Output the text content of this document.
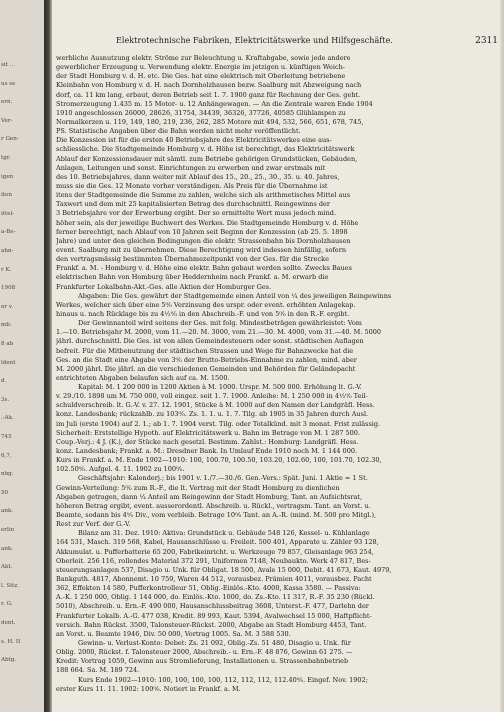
sit ...
us se
ern.
Ver-
r Gen-
tgr.
igen
iten
ittel-
a-Be-
ahn-
r K.
1908
er v.
mb.
8 ab
ldent
d.
3s.
.-Ak.
745
6,7,
nbg.
50
ank.
erlin
ank.
Akt.
l. Sitz.
r. G.
dent.
s. H. II
Abtg.
Elektrotechnische Fabriken, Elektricitätswerke und Hilfsgeschäfte.	2311
werbliche Ausnutzung elektr. Ströme zur Beleuchtung u. Kraftabgabe, sowie jede andere
gewerblicher Erzeugung u. Verwendung elektr. Energie im jetzigen u. künftigen Weich-
der Stadt Homburg v. d. H. etc. Die Ges. hat eine elektrisch mit Oberleitung betriebene
Kleinbahn von Homburg v. d. H. nach Dornholzhausen bezw. Saalburg mit Abzweigung nach
dorf, ca. 11 km lang, erbaut, deren Betrieb seit 1. 7. 1900 ganz für Rechnung der Ges. geht.
Stromerzeugung 1.435 m. 15 Motor- u. 12 Anhängewagen. — An die Zentrale waren Ende 1904
1910 angeschlossen 26000, 28626, 31754, 34439, 36326, 37726, 40585 Glühlampen zu
Normalkerzen u. 119, 149, 180, 219, 236, 262, 285 Motore mit 494, 532, 566, 651, 678, 745,
PS. Statistische Angaben über die Bahn werden nicht mehr veröffentlicht.
Die Konzession ist für die ersten 40 Betriebsjahre des Elektricitätswerkes eine aus-
schliessliche. Die Stadtgemeinde Homburg v. d. Höhe ist berechtigt, das Elektricitätswerk
Ablauf der Konzessionsdauer mit sämtl. zum Betriebe gehörigen Grundstücken, Gebäuden,
Anlagen, Leitungen und sonst. Einrichtungen zu erwerben und zwar erstmals mit
des 10. Betriebsjahres, dann weiter mit Ablauf des 15., 20., 25., 30., 35. u. 40. Jahres,
muss sie die Ges. 12 Monate vorher verständigen. Als Preis für die Übernahme ist
itens der Stadtgemeinde die Summe zu zahlen, welche sich als arithmetisches Mittel aus
Taxwert und dem mit 25 kapitalisierten Betrag des durchschnittl. Reingewinns der
3 Betriebsjahre vor der Erwerbung ergibt. Der so ermittelte Wert muss jedoch mind.
höher sein, als der jeweilige Buchwert des Werkes. Die Stadtgemeinde Homburg v. d. Höhe
ferner berechtigt, nach Ablauf von 10 Jahren seit Beginn der Konzession (ab 25. 5. 1898
Jahre) und unter den gleichen Bedingungen die elektr. Strassenbahn bis Dornholzhausen
event. Saalburg mit zu übernehmen. Diese Berechtigung wird indessen hinfällig, sofern
den vertragsmässig bestimmten Übernahmezeitpunkt von der Ges. für die Strecke
Frankf. a. M. - Homburg v. d. Höhe eine elektr. Bahn gebaut werden sollte. Zwecks Baues
elektrischen Bahn von Homburg über Heddernheim nach Frankf. a. M. erwarb die
Frankfurter Lokalbahn-Akt.-Ges. alle Aktien der Homburger Ges.
Abgaben: Die Ges. gewährt der Stadtgemeinde einen Anteil von ¹⁄₄ des jeweiligen Reingewinns
Werkes, welcher sich über eine 5⁰⁄₀ Verzinsung des urspr. oder event. erhöhten Anlagekap.
hinaus u. nach Rücklage bis zu 4¹⁄₂⁰⁄₀ in den Abschreib.-F. und von 5⁰⁄₀ in den R.-F. ergibt.
Der Gewinnanteil wird seitens der Ges. mit folg. Mindestbeträgen gewährleistet: Vom
1.—10. Betriebsjahr M. 2000, vom 11.—20. M. 3000, vom 21.—30. M. 4000, vom 31.—40. M. 5000
jährl. durchschnittl. Die Ges. ist von allen Gemeindesteuern oder sonst. städtischen Auflagen
befreit. Für die Mitbenutzung der städtischen Strassen und Wege für Bahnzwecke hat die
Ges. an die Stadt eine Abgabe von 3⁰⁄₀ der Brutto-Betriebs-Einnahme zu zahlen, mind. aber
M. 2000 jährl. Die jährl. an die verschiedenen Gemeinden und Behörden für Geländepacht
entrichteten Abgaben belaufen sich auf ca. M. 1500.
Kapital: M. 1 200 000 in 1200 Aktien à M. 1000. Urspr. M. 500 000. Erhöhung lt. G.-V.
v. 29./10. 1898 um M. 750 000, voll eingez. seit 1. 7. 1900. Anleihe: M. 1 250 000 in 4¹⁄₂⁰⁄₀ Teil-
schuldverschreib. lt. G.-V. v. 27. 12. 1901, Stücke à M. 1000 auf den Namen der Landgräfl. Hess.
konz. Landesbank; rückzahlb. zu 103⁰⁄₀. Zs. 1. 1. u. 1. 7. Tilg. ab 1905 in 35 Jahren durch Ausl.
im Juli (erste 1904) auf 2. 1.; ab 1. 7. 1904 verst. Tilg. oder Totalkünd. mit 3 monat. Frist zulässig.
Sicherheit: Erststellige Hypoth. auf Elektricitätswerk u. Bahn im Betrage von M. 1 287 500.
Coup.-Verj.: 4 J. (K.), der Stücke nach gesetzl. Bestimm. Zahlst.: Homburg: Landgräfl. Hess.
konz. Landesbank; Frankf. a. M.: Dresdner Bank. In Umlauf Ende 1910 noch M. 1 144 000.
Kurs in Frankf. a. M. Ende 1902—1910: 100, 100.70, 100.50, 103.20, 102.60, 100, 101.70, 102.30,
102.50⁰⁄₀. Aufgel. 4. 11. 1902 zu 100⁰⁄₀.
Geschäftsjahr: Kalenderj.; bis 1901 v. 1./7.—30./6. Gen.-Vers.: Spät. Juni. 1 Aktie = 1 St.
Gewinn-Verteilung: 5⁰⁄₀ zum R.-F., die lt. Vertrag mit der Stadt Homburg zu dienlichen
Abgaben getragen, dann ¹⁄₄ Anteil am Reingewinn der Stadt Homburg, Tant. an Aufsichtsrat,
höheren Betrag ergibt, event. ausserordentl. Abschreib. u. Rückl., vertragsm. Tant. an Vorst. u.
Beamte, sodann bis 4⁰⁄₀ Div., vom verbleib. Betrage 10⁰⁄₀ Tant. an A.-R. (mind. M. 500 pro Mitgl.),
Rest zur Verf. der G.-V.
Bilanz am 31. Dez. 1910: Aktiva: Grundstück u. Gebäude 548 126, Kessel- u. Kühlanlage
164 531, Masch. 319 568, Kabel, Hausanschlüsse u. Freileit. 500 401, Apparate u. Zähler 93 128,
Akkumulat. u. Pufferbatterie 65 200, Fabrikeinricht. u. Werkzeuge 79 857, Gleisanlage 963 254,
Oberleit. 256 116, rollendes Material 372 291, Uniformen 7148, Neubaukto. Werk 47 817, Bes-
steuerungsanlagen 537, Disagio u. Unk. für Obligat. 18 500, Avale 15 000, Debit. 41 673, Kaut. 4979,
Bankguth. 4817, Abonnemt. 10 759, Waren 44 512, vorausbez. Prämien 4011, vorausbez. Pacht
362, Effekten 14 580, Pufferkontrolleur 51, Oblig.-Einlös.-Kto. 4000, Kassa 3580. — Passiva:
A.-K. 1 250 000, Oblig. 1 144 000, do. Einlös.-Kto. 1000, do. Zs.-Kto. 11 317, R.-F. 35 230 (Rückl.
5010), Abschreib. u. Ern.-F. 490 000, Hausanschlussbeitrag 3608, Unterst.-F. 477, Darlehn der
Frankfurter Lokalb. A.-G. 477 038, Kredit. 89 993, Kaut. 5394, Avalwechsel 15 000, Haftpflicht-
versich. Bahn Rückst. 3500, Talonsteuer-Rückst. 2000, Abgabe an Stadt Homburg 4453, Tant.
an Vorst. u. Beamte 1946, Div. 50 000, Vortrag 1005. Sa. M. 3 588 530.
Gewinn- u. Verlust-Konto: Debet: Zs. 21 092, Oblig.-Zs. 51 480, Disagio u. Unk. für
Oblig. 2000, Rückst. f. Talonsteuer 2000, Abschreib.- u. Ern.-F. 48 876, Gewinn 61 275. —
Kredit: Vortrag 1059, Gewinn aus Stromlieferung, Installationen u. Strassenbahnbetrieb
188 664. Sa. M. 189 724.
Kurs Ende 1902—1910: 100, 100, 100, 100, 112, 112, 112, 112.40⁰⁄₀. Eingef. Nov. 1902;
erster Kurs 11. 11. 1902: 100⁰⁄₀. Notiert in Frankf. a. M.
